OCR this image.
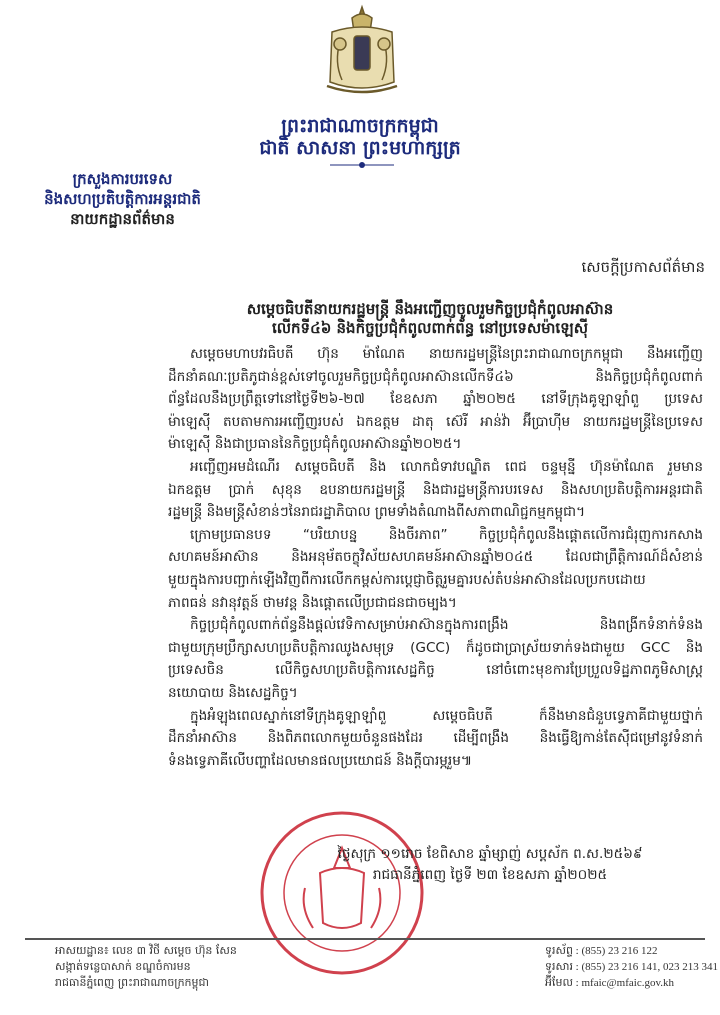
ព្រះរាជាណាចក្រកម្ពុជា
ជាតិ សាសនា ព្រះមហាក្សត្រ
ក្រសួងការបរទេស
និងសហប្រតិបត្តិការអន្តរជាតិ
នាយកដ្ឋានព័ត៌មាន
សេចក្ដីប្រកាសព័ត៌មាន
សម្ដេចធិបតីនាយករដ្ឋមន្ត្រី នឹងអញ្ជើញចូលរួមកិច្ចប្រជុំកំពូលអាស៊ាន
លើកទី៤៦ និងកិច្ចប្រជុំកំពូលពាក់ព័ន្ធ នៅប្រទេសម៉ាឡេស៊ី
សម្ដេចមហាបវរធិបតី ហ៊ុន ម៉ាណែត នាយករដ្ឋមន្ត្រីនៃព្រះរាជាណាចក្រកម្ពុជា នឹងអញ្ជើញ
ដឹកនាំគណៈប្រតិភូជាន់ខ្ពស់ទៅចូលរួមកិច្ចប្រជុំកំពូលអាស៊ានលើកទី៤៦ និងកិច្ចប្រជុំកំពូលពាក់
ព័ន្ធដែលនឹងប្រព្រឹត្តទៅនៅថ្ងៃទី២៦-២៧ ខែឧសភា ឆ្នាំ២០២៥ នៅទីក្រុងគូឡាឡាំពួ ប្រទេស
ម៉ាឡេស៊ី តបតាមការអញ្ជើញរបស់ ឯកឧត្តម ដាតុ ស៊េរី អាន់វ៉ា អ៊ីប្រាហ៊ីម នាយករដ្ឋមន្ត្រីនៃប្រទេស
ម៉ាឡេស៊ី និងជាប្រធាននៃកិច្ចប្រជុំកំពូលអាស៊ានឆ្នាំ២០២៥។
អញ្ជើញអមដំណើរ សម្ដេចធិបតី និង លោកជំទាវបណ្ឌិត ពេជ ចន្ទមុន្នី ហ៊ុនម៉ាណែត រួមមាន
ឯកឧត្តម ប្រាក់ សុខុន ឧបនាយករដ្ឋមន្ត្រី និងជារដ្ឋមន្ត្រីការបរទេស និងសហប្រតិបត្តិការអន្តរជាតិ
រដ្ឋមន្ត្រី និងមន្ត្រីសំខាន់ៗនៃរាជរដ្ឋាភិបាល ព្រមទាំងតំណាងពីសភាពាណិជ្ជកម្មកម្ពុជា។
ក្រោមប្រធានបទ “បរិយាបន្ន និងចីរភាព” កិច្ចប្រជុំកំពូលនឹងផ្ដោតលើការជំរុញការកសាង
សហគមន៍អាស៊ាន និងអនុម័តចក្ខុវិស័យសហគមន៍អាស៊ានឆ្នាំ២០៤៥ ដែលជាព្រឹត្តិការណ៍ដ៏សំខាន់
មួយក្នុងការបញ្ជាក់ឡើងវិញពីការលើកកម្ពស់ការប្ដេជ្ញាចិត្តរួមគ្នារបស់តំបន់អាស៊ានដែលប្រកបដោយ
ភាពធន់ នវានុវត្តន៍ ថាមវន្ត និងផ្ដោតលើប្រជាជនជាចម្បង។
កិច្ចប្រជុំកំពូលពាក់ព័ន្ធនឹងផ្ដល់វេទិកាសម្រាប់អាស៊ានក្នុងការពង្រឹង និងពង្រីកទំនាក់ទំនង
ជាមួយក្រុមប្រឹក្សាសហប្រតិបត្តិការឈូងសមុទ្រ (GCC) ក៏ដូចជាប្រាស្រ័យទាក់ទងជាមួយ GCC និង
ប្រទេសចិន លើកិច្ចសហប្រតិបត្តិការសេដ្ឋកិច្ច នៅចំពោះមុខការប្រែប្រួលទិដ្ឋភាពភូមិសាស្ត្រ
នយោបាយ និងសេដ្ឋកិច្ច។
ក្នុងអំឡុងពេលស្នាក់នៅទីក្រុងគូឡាឡាំពួ សម្ដេចធិបតី ក៏នឹងមានជំនួបទ្វេភាគីជាមួយថ្នាក់
ដឹកនាំអាស៊ាន និងពិភពលោកមួយចំនួនផងដែរ ដើម្បីពង្រឹង និងធ្វើឱ្យកាន់តែស៊ីជម្រៅនូវទំនាក់
ទំនងទ្វេភាគីលើបញ្ហាដែលមានផលប្រយោជន៍ និងក្ដីបារម្ភរួម៕
ថ្ងៃសុក្រ ១១រោច ខែពិសាខ ឆ្នាំម្សាញ់ សប្តស័ក ព.ស.២៥៦៩
រាជធានីភ្នំពេញ ថ្ងៃទី ២៣ ខែឧសភា ឆ្នាំ២០២៥
អាសយដ្ឋាន៖ លេខ ៣ វិថី សម្ដេច ហ៊ុន សែន
សង្កាត់ទន្លេបាសាក់ ខណ្ឌចំការមន
រាជធានីភ្នំពេញ ព្រះរាជាណាចក្រកម្ពុជា
ទូរស័ព្ទ : (855) 23 216 122
ទូរសារ : (855) 23 216 141, 023 213 341
អ៊ីមែល : mfaic@mfaic.gov.kh
